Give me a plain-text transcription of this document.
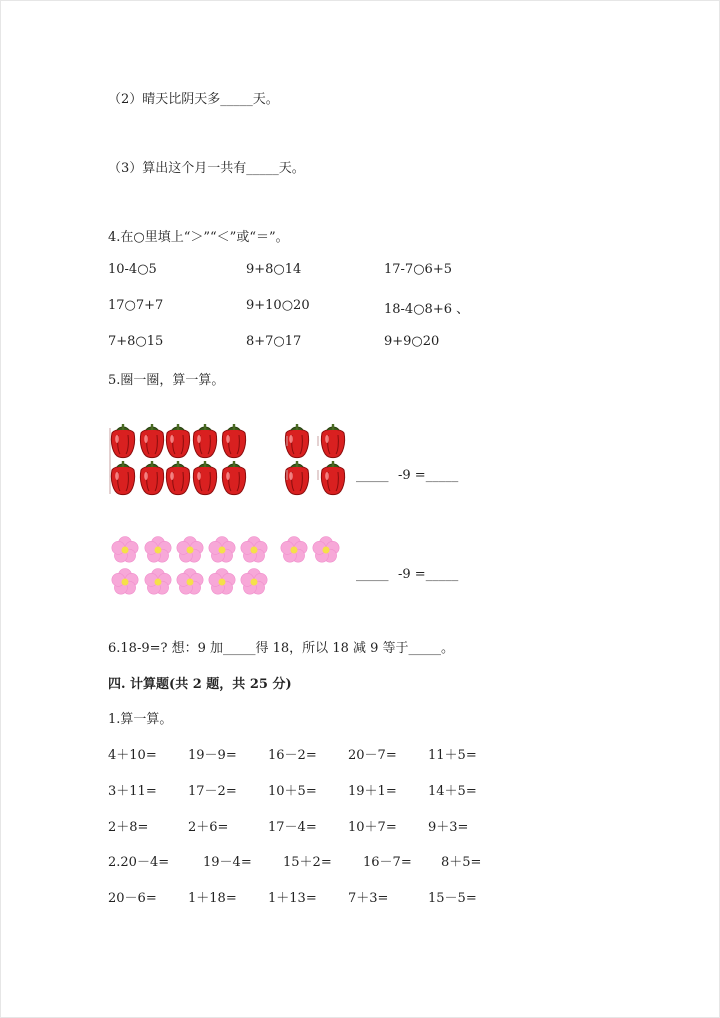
（2）晴天比阴天多_____天。
（3）算出这个月一共有_____天。
4.在○里填上“＞”“＜”或“＝”。
10-4○5	9+8○14	17-7○6+5
17○7+7	9+10○20	18-4○8+6 、
7+8○15	8+7○17	9+9○20
5.圈一圈，算一算。
_____ -9 =_____
_____ -9 =_____
6.18-9=? 想：9 加_____得 18，所以 18 减 9 等于_____。
四. 计算题(共 2 题，共 25 分)
1.算一算。
4＋10= 19－9= 16－2= 20－7= 11＋5=
3＋11= 17－2= 10＋5= 19＋1= 14＋5=
2＋8=	2＋6=	17－4= 10＋7= 9＋3=
2.20－4=	19－4= 15＋2= 16－7= 8＋5=
20－6= 1＋18= 1＋13= 7＋3=	15－5=
